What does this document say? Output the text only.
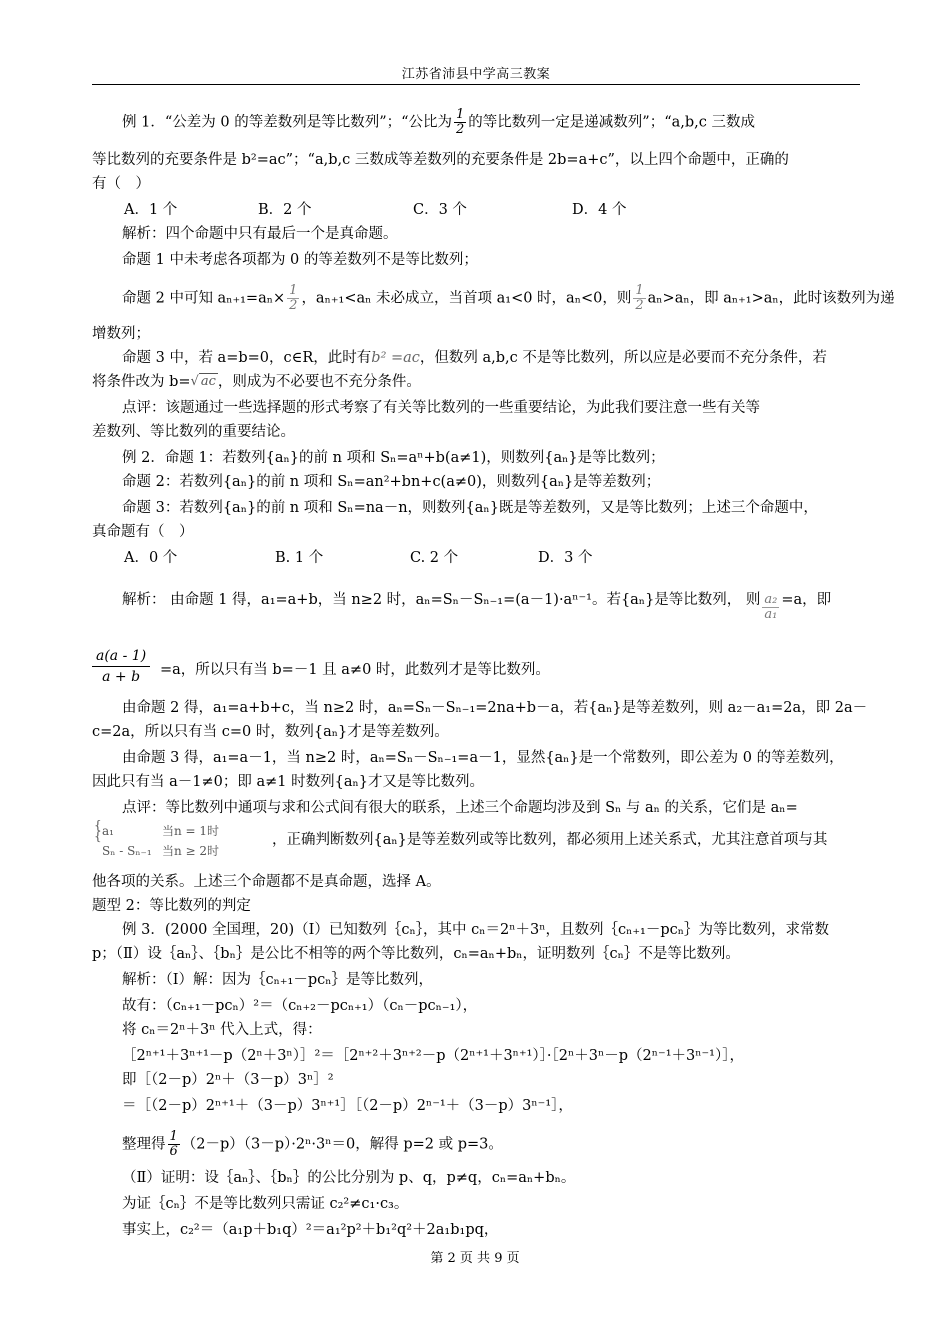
江苏省沛县中学高三教案
例 1．“公差为 0 的等差数列是等比数列”；“公比为 $\frac{1}{2}$ 的等比数列一定是递减数列”；“a,b,c 三数成
等比数列的充要条件是 b²=ac”；“a,b,c 三数成等差数列的充要条件是 2b=a+c”，以上四个命题中，正确的
有（　）
A．1 个	B．2 个	C．3 个	D．4 个
解析：四个命题中只有最后一个是真命题。
命题 1 中未考虑各项都为 0 的等差数列不是等比数列；
命题 2 中可知 $a_{n+1}=a_n\times \frac{1}{2}$ ，aₙ₊₁<aₙ 未必成立，当首项 a₁<0 时，aₙ<0，则 $\frac{1}{2} a_n>a_n$，即 aₙ₊₁>aₙ，此时该数列为递
增数列；
命题 3 中，若 a=b=0，c∈R，此时有b² =ac，但数列 a,b,c 不是等比数列，所以应是必要而不充分条件，若
将条件改为 b=√ ac ，则成为不必要也不充分条件。
点评：该题通过一些选择题的形式考察了有关等比数列的一些重要结论，为此我们要注意一些有关等
差数列、等比数列的重要结论。
例 2．命题 1：若数列{aₙ}的前 n 项和 Sₙ=aⁿ+b(a≠1)，则数列{aₙ}是等比数列；
命题 2：若数列{aₙ}的前 n 项和 Sₙ=an²+bn+c(a≠0)，则数列{aₙ}是等差数列；
命题 3：若数列{aₙ}的前 n 项和 Sₙ=na－n，则数列{aₙ}既是等差数列，又是等比数列；上述三个命题中，
真命题有（　）
A．0 个	B. 1 个	C. 2 个	D．3 个
解析： 由命题 1 得，a₁=a+b，当 n≥2 时，aₙ=Sₙ－Sₙ₋₁=(a－1)·aⁿ⁻¹。若{aₙ}是等比数列， 则 $\frac{\text{a₂}}{\text{a₁}} =a$，即
$\frac{a(a - 1)}{a + b} =a$，所以只有当 b=－1 且 a≠0 时，此数列才是等比数列。
由命题 2 得，a₁=a+b+c，当 n≥2 时，aₙ=Sₙ－Sₙ₋₁=2na+b－a，若{aₙ}是等差数列，则 a₂－a₁=2a，即 2a－
c=2a，所以只有当 c=0 时，数列{aₙ}才是等差数列。
由命题 3 得，a₁=a－1，当 n≥2 时，aₙ=Sₙ－Sₙ₋₁=a－1，显然{aₙ}是一个常数列，即公差为 0 的等差数列，
因此只有当 a－1≠0；即 a≠1 时数列{aₙ}才又是等比数列。
点评：等比数列中通项与求和公式间有很大的联系，上述三个命题均涉及到 Sₙ 与 aₙ 的关系，它们是 aₙ=
{
{ a₁
Sₙ - Sₙ₋₁
当n = 1时
当n ≥ 2时
，正确判断数列{aₙ}是等差数列或等比数列，都必须用上述关系式，尤其注意首项与其
他各项的关系。上述三个命题都不是真命题，选择 A。
题型 2：等比数列的判定
例 3．(2000 全国理，20)（Ⅰ）已知数列｛cₙ｝，其中 cₙ＝2ⁿ＋3ⁿ，且数列｛cₙ₊₁－pcₙ｝为等比数列，求常数
p；（Ⅱ）设｛aₙ｝、｛bₙ｝是公比不相等的两个等比数列，cₙ=aₙ+bₙ，证明数列｛cₙ｝不是等比数列。
解析：（Ⅰ）解：因为｛cₙ₊₁－pcₙ｝是等比数列，
故有：（cₙ₊₁－pcₙ）²＝（cₙ₊₂－pcₙ₊₁）（cₙ－pcₙ₋₁），
将 cₙ＝2ⁿ＋3ⁿ 代入上式，得：
［2ⁿ⁺¹＋3ⁿ⁺¹－p（2ⁿ＋3ⁿ）］²＝［2ⁿ⁺²＋3ⁿ⁺²－p（2ⁿ⁺¹＋3ⁿ⁺¹）］·［2ⁿ＋3ⁿ－p（2ⁿ⁻¹＋3ⁿ⁻¹）］，
即［（2－p）2ⁿ＋（3－p）3ⁿ］²
＝［（2－p）2ⁿ⁺¹＋（3－p）3ⁿ⁺¹］［（2－p）2ⁿ⁻¹＋（3－p）3ⁿ⁻¹］，
整理得 $\frac{1}{6} (2-p)(3-p)\cdot 2^n\cdot 3^n=0$，解得 p=2 或 p=3。
（Ⅱ）证明：设｛aₙ｝、｛bₙ｝的公比分别为 p、q，p≠q，cₙ=aₙ+bₙ。
为证｛cₙ｝不是等比数列只需证 c₂²≠c₁·c₃。
事实上，c₂²＝（a₁p＋b₁q）²＝a₁²p²＋b₁²q²＋2a₁b₁pq，
第 2 页 共 9 页
